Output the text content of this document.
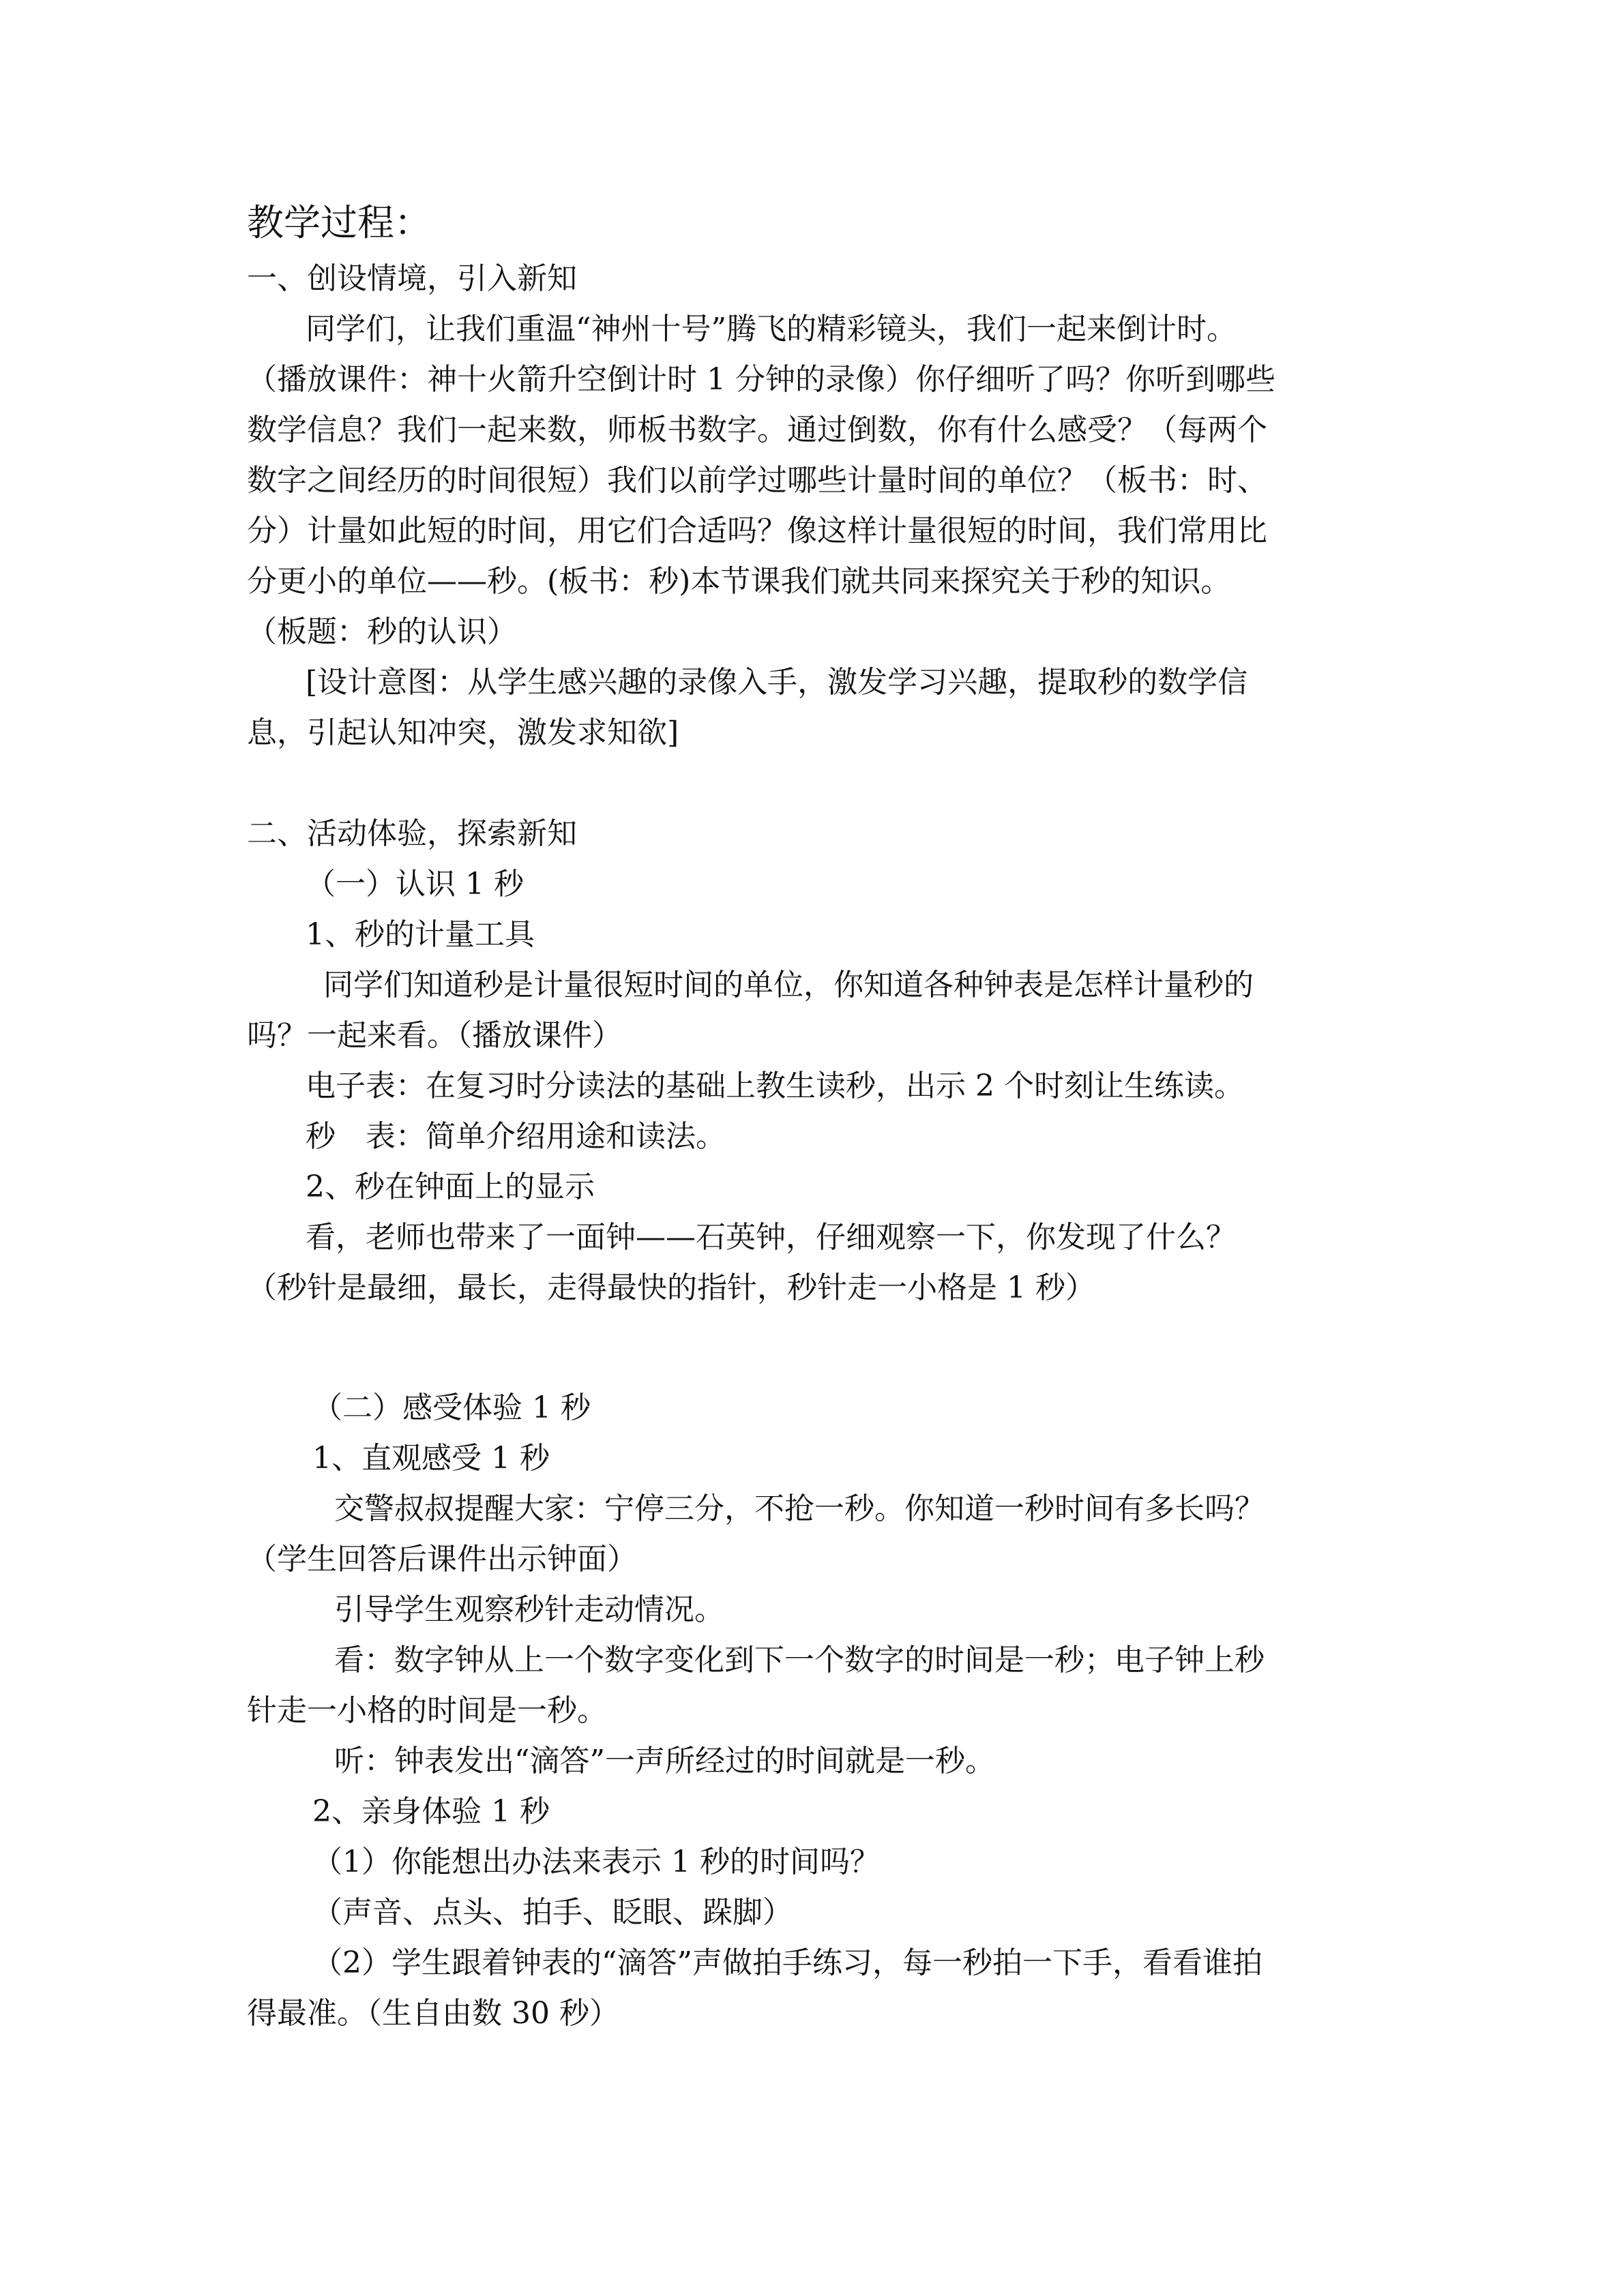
教学过程：
一、创设情境，引入新知
同学们，让我们重温“神州十号”腾飞的精彩镜头，我们一起来倒计时。
（播放课件：神十火箭升空倒计时 1 分钟的录像）你仔细听了吗？你听到哪些
数学信息？我们一起来数，师板书数字。通过倒数，你有什么感受？（每两个
数字之间经历的时间很短）我们以前学过哪些计量时间的单位？（板书：时、
分）计量如此短的时间，用它们合适吗？像这样计量很短的时间，我们常用比
分更小的单位——秒。(板书：秒)本节课我们就共同来探究关于秒的知识。
（板题：秒的认识）
[设计意图：从学生感兴趣的录像入手，激发学习兴趣，提取秒的数学信
息，引起认知冲突，激发求知欲]
二、活动体验，探索新知
（一）认识 1 秒
1、秒的计量工具
同学们知道秒是计量很短时间的单位，你知道各种钟表是怎样计量秒的
吗？一起来看。（播放课件）
电子表：在复习时分读法的基础上教生读秒，出示 2 个时刻让生练读。
秒　表：简单介绍用途和读法。
2、秒在钟面上的显示
看，老师也带来了一面钟——石英钟，仔细观察一下，你发现了什么？
（秒针是最细，最长，走得最快的指针，秒针走一小格是 1 秒）
（二）感受体验 1 秒
1、直观感受 1 秒
交警叔叔提醒大家：宁停三分，不抢一秒。你知道一秒时间有多长吗？
（学生回答后课件出示钟面）
引导学生观察秒针走动情况。
看：数字钟从上一个数字变化到下一个数字的时间是一秒；电子钟上秒
针走一小格的时间是一秒。
听：钟表发出“滴答”一声所经过的时间就是一秒。
2、亲身体验 1 秒
（1）你能想出办法来表示 1 秒的时间吗？
（声音、点头、拍手、眨眼、跺脚）
（2）学生跟着钟表的“滴答”声做拍手练习，每一秒拍一下手，看看谁拍
得最准。（生自由数 30 秒）
